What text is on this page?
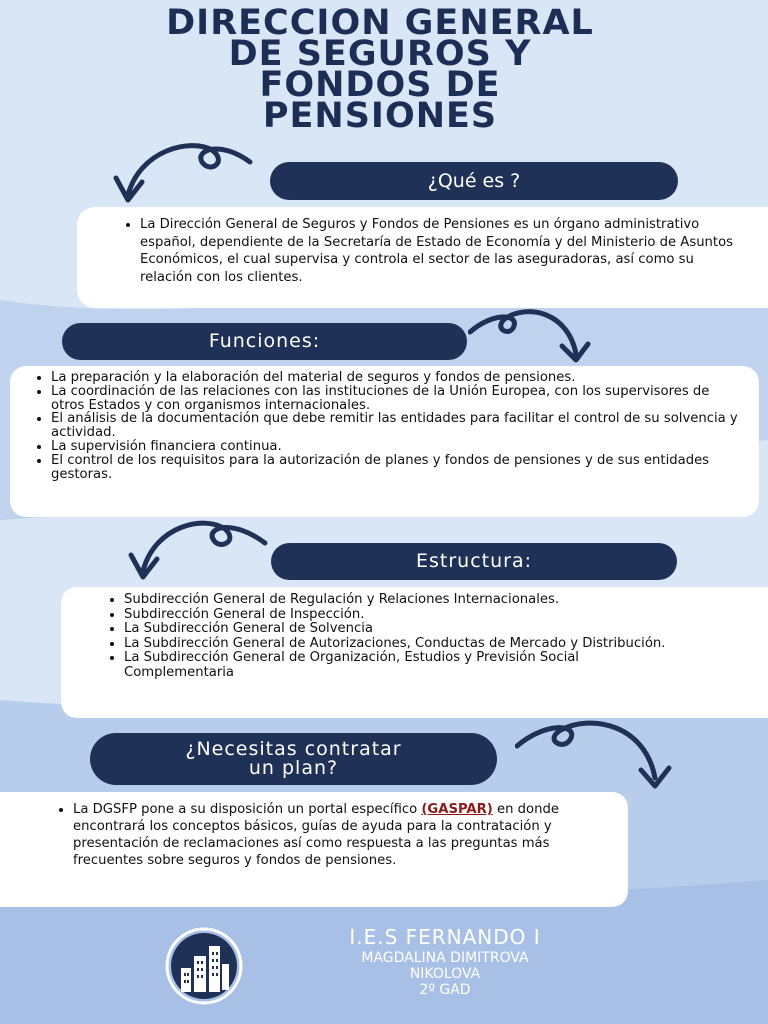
DIRECCION GENERAL
DE SEGUROS Y
FONDOS DE
PENSIONES
¿Qué es ?
• La Dirección General de Seguros y Fondos de Pensiones es un órgano administrativo español, dependiente de la Secretaría de Estado de Economía y del Ministerio de Asuntos Económicos, el cual supervisa y controla el sector de las aseguradoras, así como su relación con los clientes.
Funciones:
• La preparación y la elaboración del material de seguros y fondos de pensiones.
• La coordinación de las relaciones con las instituciones de la Unión Europea, con los supervisores de otros Estados y con organismos internacionales.
• El análisis de la documentación que debe remitir las entidades para facilitar el control de su solvencia y actividad.
• La supervisión financiera continua.
• El control de los requisitos para la autorización de planes y fondos de pensiones y de sus entidades gestoras.
Estructura:
• Subdirección General de Regulación y Relaciones Internacionales.
• Subdirección General de Inspección.
• La Subdirección General de Solvencia
• La Subdirección General de Autorizaciones, Conductas de Mercado y Distribución.
• La Subdirección General de Organización, Estudios y Previsión Social Complementaria
¿Necesitas contratar
un plan?
• La DGSFP pone a su disposición un portal específico (GASPAR) en donde encontrará los conceptos básicos, guías de ayuda para la contratación y presentación de reclamaciones así como respuesta a las preguntas más frecuentes sobre seguros y fondos de pensiones.
I.E.S FERNANDO I
MAGDALINA DIMITROVA
NIKOLOVA
2º GAD
